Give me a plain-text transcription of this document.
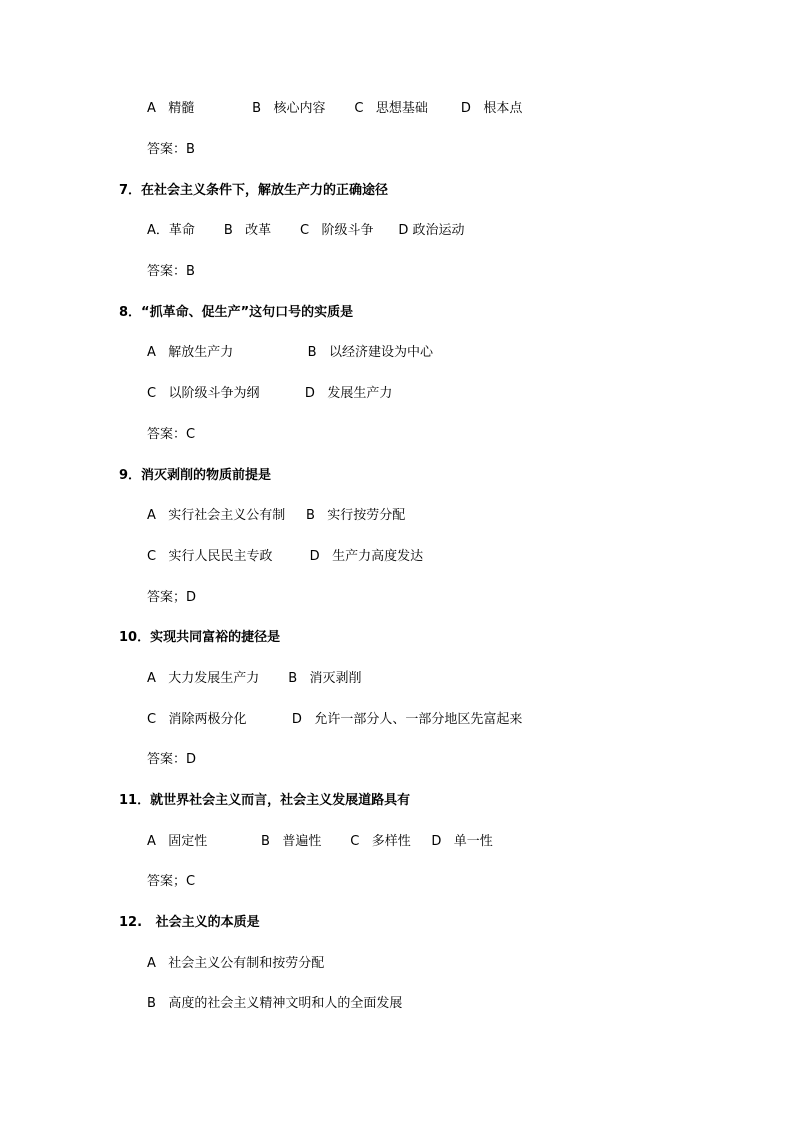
A   精髓              B   核心内容       C   思想基础        D   根本点
答案：B
7．在社会主义条件下，解放生产力的正确途径
A．革命       B   改革       C   阶级斗争      D 政治运动
答案：B
8．“抓革命、促生产”这句口号的实质是
A   解放生产力                  B   以经济建设为中心
C   以阶级斗争为纲           D   发展生产力
答案：C
9．消灭剥削的物质前提是
A   实行社会主义公有制     B   实行按劳分配
C   实行人民民主专政         D   生产力高度发达
答案；D
10．实现共同富裕的捷径是
A   大力发展生产力       B   消灭剥削
C   消除两极分化           D   允许一部分人、一部分地区先富起来
答案：D
11．就世界社会主义而言，社会主义发展道路具有
A   固定性             B   普遍性       C   多样性     D   单一性
答案；C
12.   社会主义的本质是
A   社会主义公有制和按劳分配
B   高度的社会主义精神文明和人的全面发展
